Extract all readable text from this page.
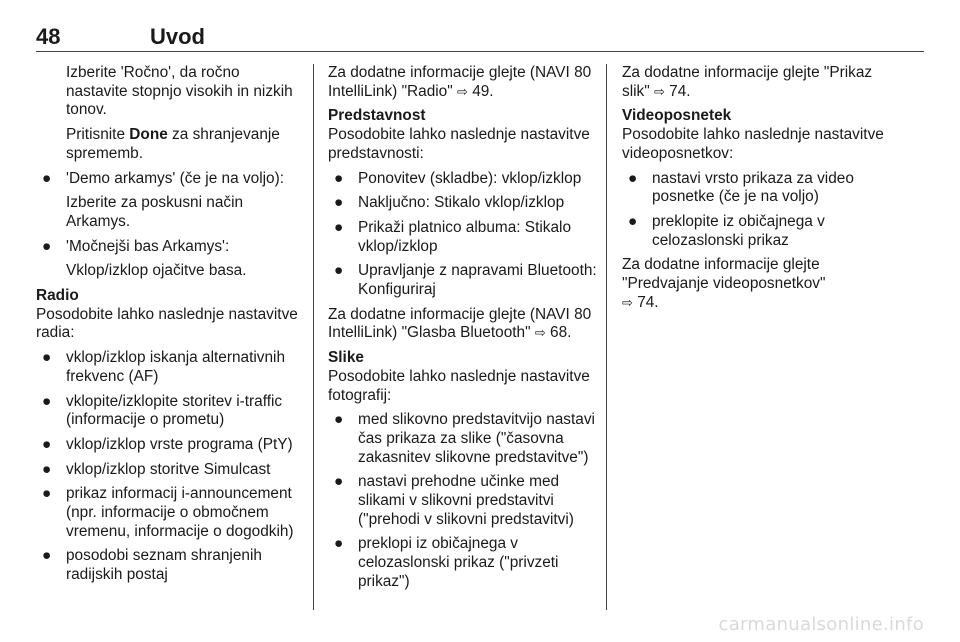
48	Uvod

Izberite 'Ročno', da ročno nastavite stopnjo visokih in nizkih tonov.

Pritisnite Done za shranjevanje sprememb.

● 'Demo arkamys' (če je na voljo):

Izberite za poskusni način Arkamys.

● 'Močnejši bas Arkamys':

Vklop/izklop ojačitve basa.

Radio

Posodobite lahko naslednje nastavitve radia:

● vklop/izklop iskanja alternativnih frekvenc (AF)
● vklopite/izklopite storitev i-traffic (informacije o prometu)
● vklop/izklop vrste programa (PtY)
● vklop/izklop storitve Simulcast
● prikaz informacij i-announcement (npr. informacije o območnem vremenu, informacije o dogodkih)
● posodobi seznam shranjenih radijskih postaj

Za dodatne informacije glejte (NAVI 80 IntelliLink) "Radio" ⇨ 49.

Predstavnost

Posodobite lahko naslednje nastavitve predstavnosti:

● Ponovitev (skladbe): vklop/izklop
● Naključno: Stikalo vklop/izklop
● Prikaži platnico albuma: Stikalo vklop/izklop
● Upravljanje z napravami Bluetooth: Konfiguriraj

Za dodatne informacije glejte (NAVI 80 IntelliLink) "Glasba Bluetooth" ⇨ 68.

Slike

Posodobite lahko naslednje nastavitve fotografij:

● med slikovno predstavitvijo nastavi čas prikaza za slike ("časovna zakasnitev slikovne predstavitve")
● nastavi prehodne učinke med slikami v slikovni predstavitvi ("prehodi v slikovni predstavitvi)
● preklopi iz običajnega v celozaslonski prikaz ("privzeti prikaz")

Za dodatne informacije glejte "Prikaz slik" ⇨ 74.

Videoposnetek

Posodobite lahko naslednje nastavitve videoposnetkov:

● nastavi vrsto prikaza za video posnetke (če je na voljo)
● preklopite iz običajnega v celozaslonski prikaz

Za dodatne informacije glejte "Predvajanje videoposnetkov"
⇨ 74.

carmanualsonline.info
